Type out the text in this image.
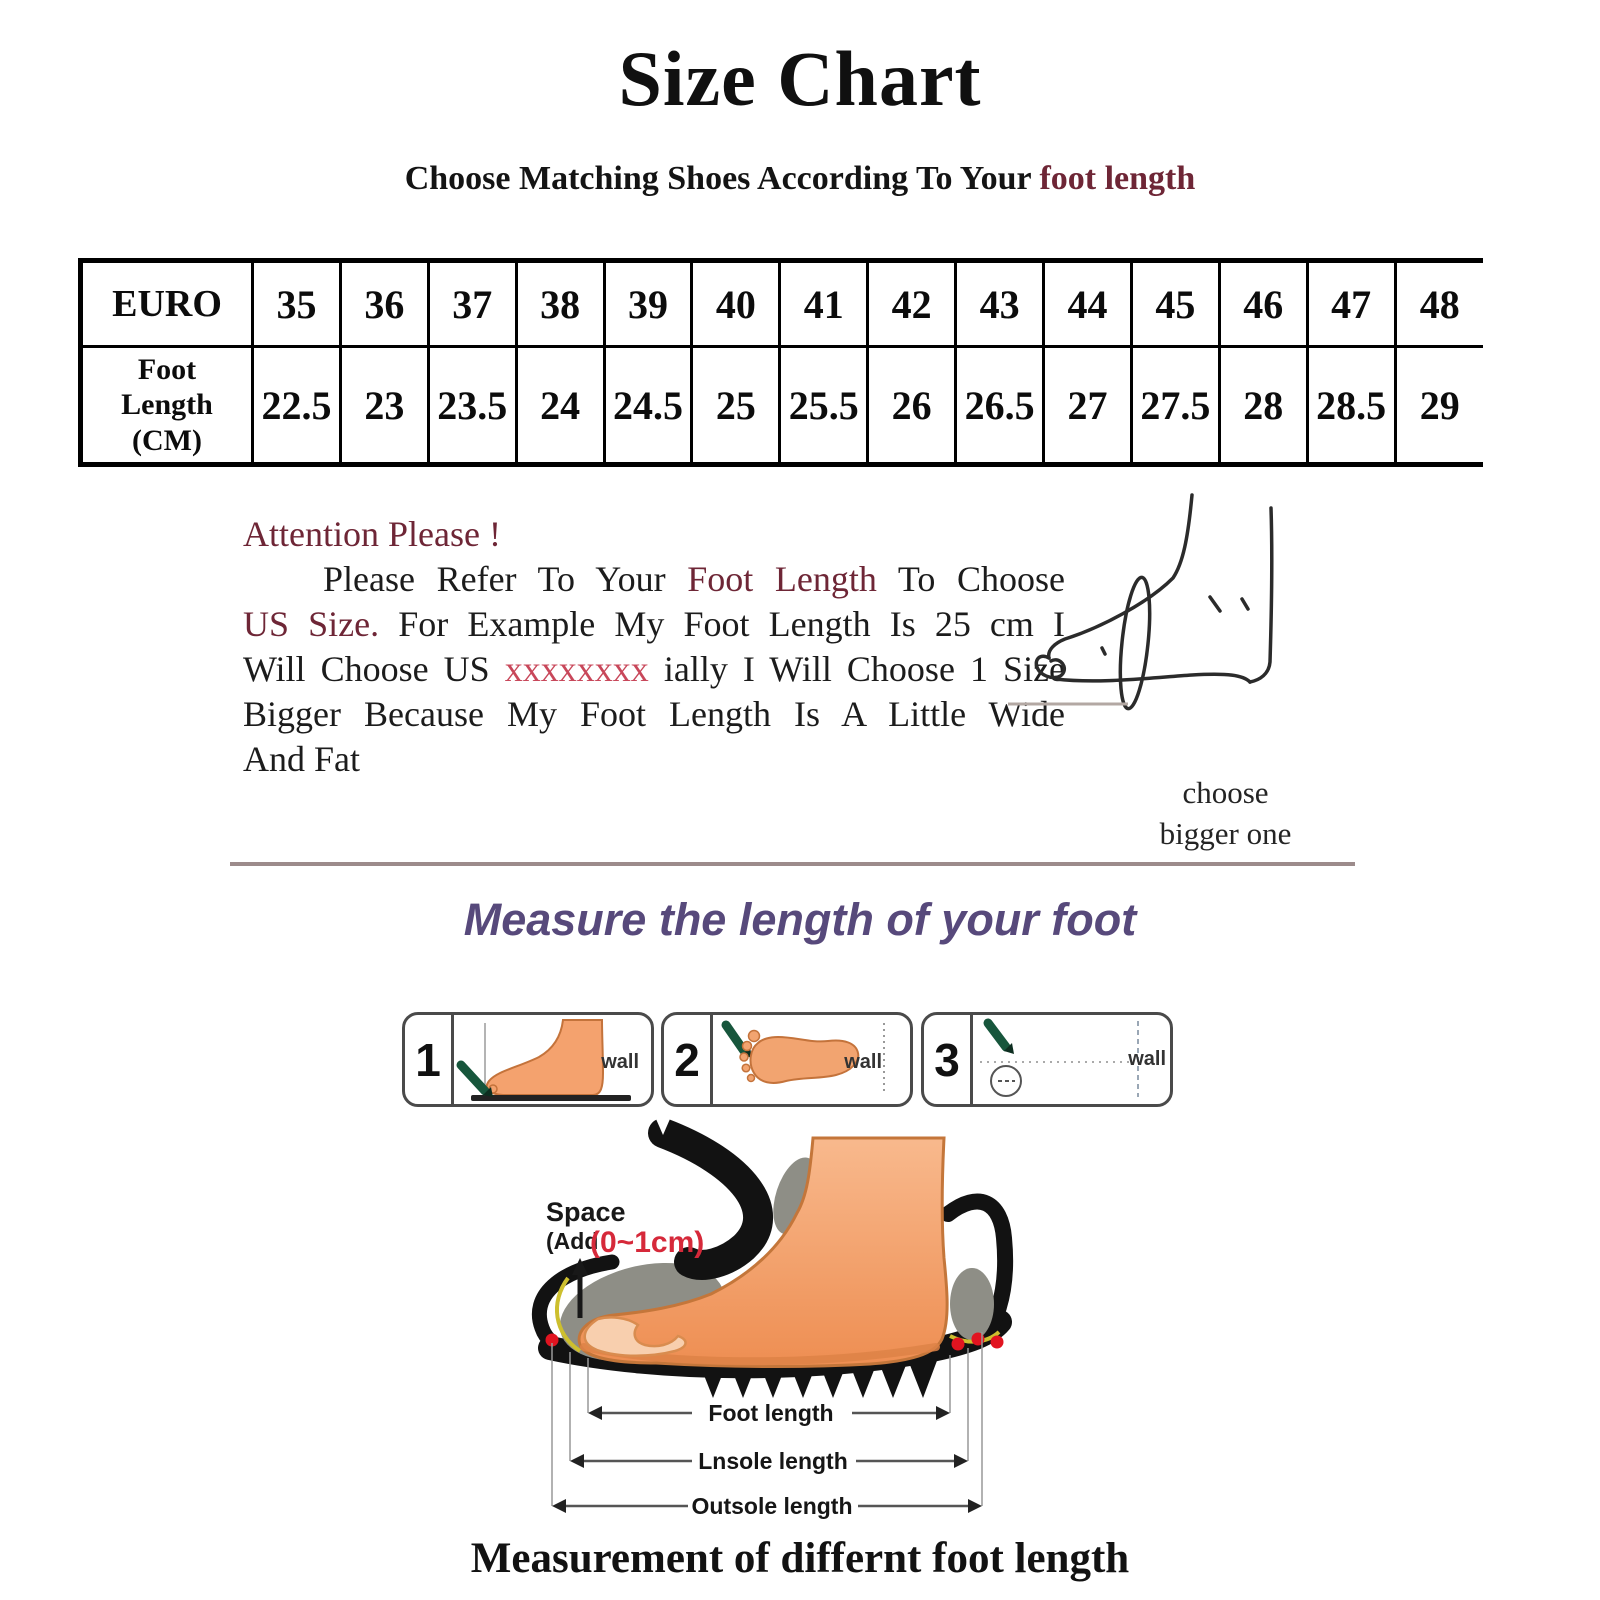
Size Chart
Choose Matching Shoes According To Your foot length
EURO	35	36	37	38	39	40	41	42	43	44	45	46	47	48
Foot Length (CM)	22.5	23	23.5	24	24.5	25	25.5	26	26.5	27	27.5	28	28.5	29
Attention Please !
Please Refer To Your Foot Length To Choose
US Size. For Example My Foot Length Is 25 cm I
Will Choose US xxxxxxxx ially I Will Choose 1 Size
Bigger Because My Foot Length Is A Little Wide
And Fat
choose
bigger one
Measure the length of your foot
1	wall 2	wall 3	wall
Space
(Add
(0~1cm)
Foot length
Lnsole length
Outsole length
Measurement of differnt foot length
